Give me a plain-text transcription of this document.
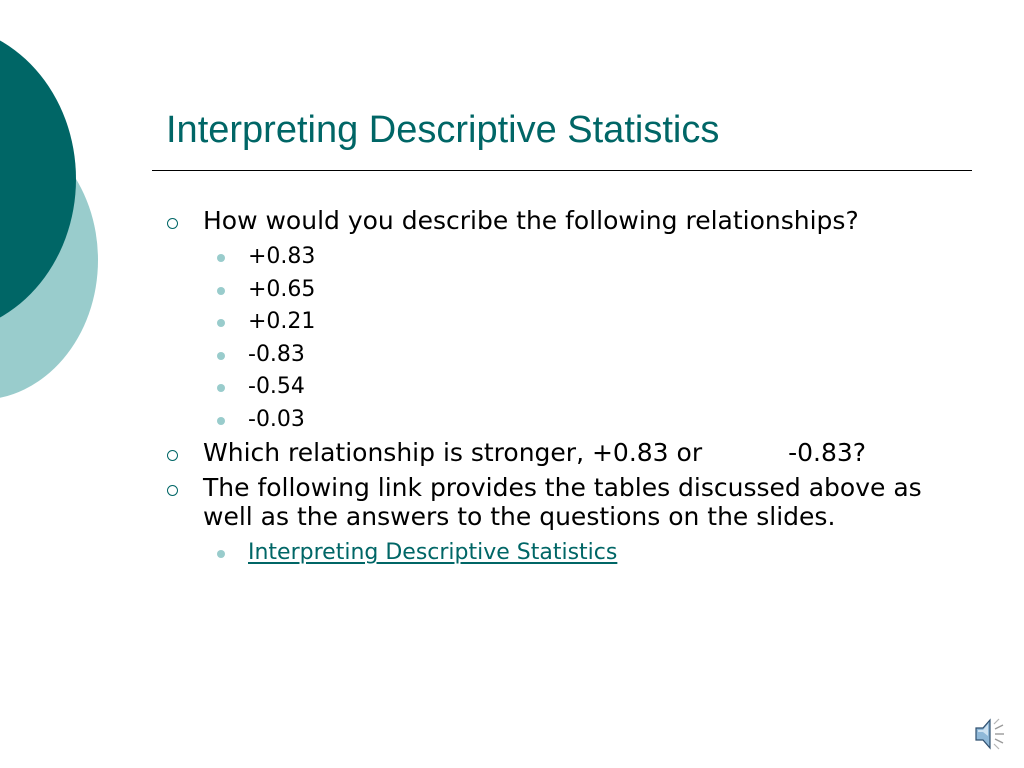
Interpreting Descriptive Statistics
How would you describe the following relationships?
+0.83
+0.65
+0.21
-0.83
-0.54
-0.03
Which relationship is stronger, +0.83 or	-0.83?
The following link provides the tables discussed above as well as the answers to the questions on the slides.
Interpreting Descriptive Statistics
